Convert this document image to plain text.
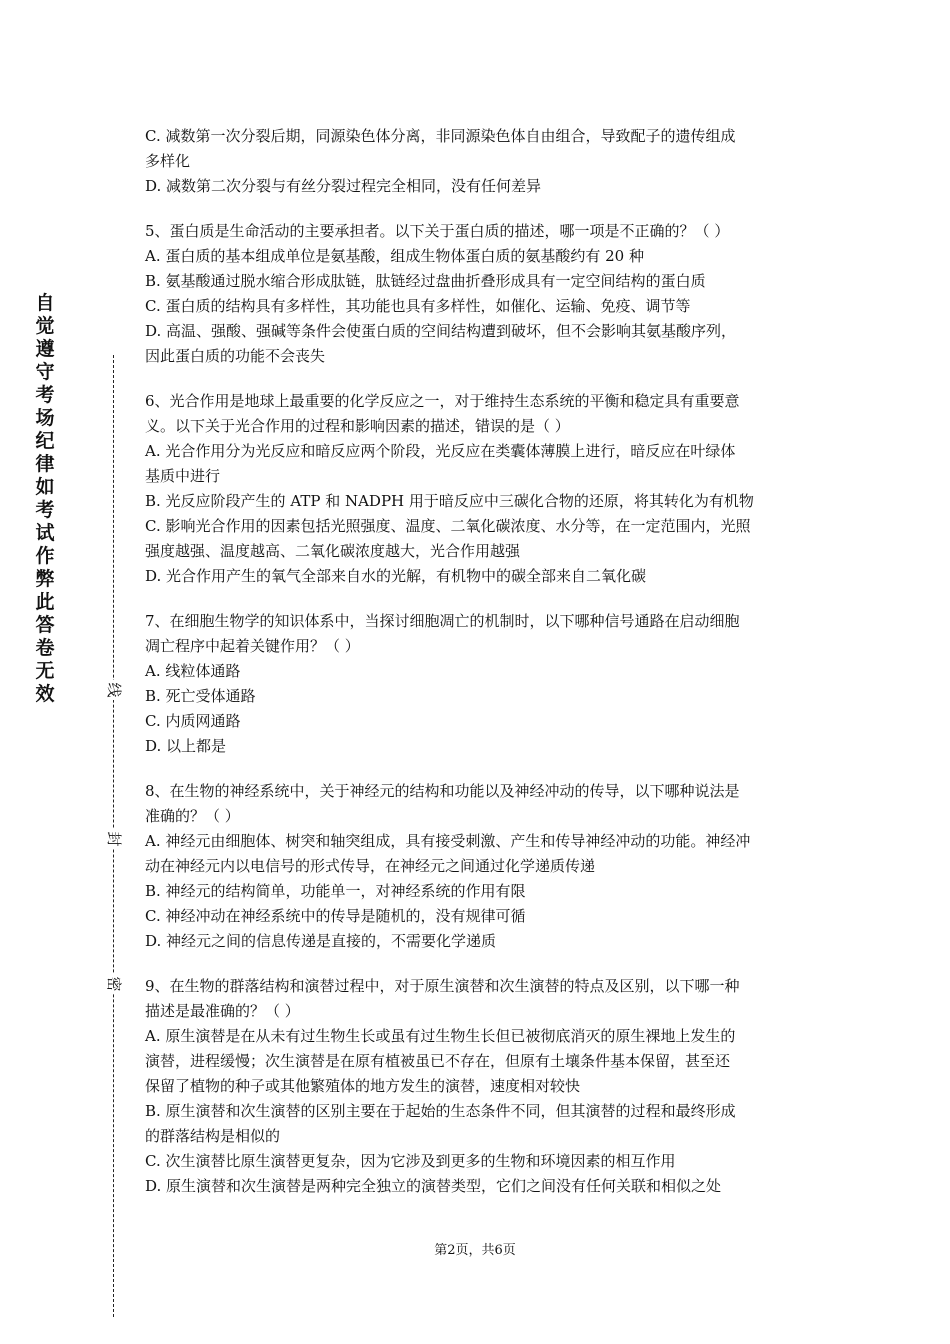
自
觉
遵
守
考
场
纪
律
如
考
试
作
弊
此
答
卷
无
效	线
封
密
C. 减数第一次分裂后期，同源染色体分离，非同源染色体自由组合，导致配子的遗传组成
多样化
D. 减数第二次分裂与有丝分裂过程完全相同，没有任何差异
5、蛋白质是生命活动的主要承担者。以下关于蛋白质的描述，哪一项是不正确的？（ ）
A. 蛋白质的基本组成单位是氨基酸，组成生物体蛋白质的氨基酸约有 20 种
B. 氨基酸通过脱水缩合形成肽链，肽链经过盘曲折叠形成具有一定空间结构的蛋白质
C. 蛋白质的结构具有多样性，其功能也具有多样性，如催化、运输、免疫、调节等
D. 高温、强酸、强碱等条件会使蛋白质的空间结构遭到破坏，但不会影响其氨基酸序列，
因此蛋白质的功能不会丧失
6、光合作用是地球上最重要的化学反应之一，对于维持生态系统的平衡和稳定具有重要意
义。以下关于光合作用的过程和影响因素的描述，错误的是（ ）
A. 光合作用分为光反应和暗反应两个阶段，光反应在类囊体薄膜上进行，暗反应在叶绿体
基质中进行
B. 光反应阶段产生的 ATP 和 NADPH 用于暗反应中三碳化合物的还原，将其转化为有机物
C. 影响光合作用的因素包括光照强度、温度、二氧化碳浓度、水分等，在一定范围内，光照
强度越强、温度越高、二氧化碳浓度越大，光合作用越强
D. 光合作用产生的氧气全部来自水的光解，有机物中的碳全部来自二氧化碳
7、在细胞生物学的知识体系中，当探讨细胞凋亡的机制时，以下哪种信号通路在启动细胞
凋亡程序中起着关键作用？（ ）
A. 线粒体通路
B. 死亡受体通路
C. 内质网通路
D. 以上都是
8、在生物的神经系统中，关于神经元的结构和功能以及神经冲动的传导，以下哪种说法是
准确的？（ ）
A. 神经元由细胞体、树突和轴突组成，具有接受刺激、产生和传导神经冲动的功能。神经冲
动在神经元内以电信号的形式传导，在神经元之间通过化学递质传递
B. 神经元的结构简单，功能单一，对神经系统的作用有限
C. 神经冲动在神经系统中的传导是随机的，没有规律可循
D. 神经元之间的信息传递是直接的，不需要化学递质
9、在生物的群落结构和演替过程中，对于原生演替和次生演替的特点及区别，以下哪一种
描述是最准确的？（ ）
A. 原生演替是在从未有过生物生长或虽有过生物生长但已被彻底消灭的原生裸地上发生的
演替，进程缓慢；次生演替是在原有植被虽已不存在，但原有土壤条件基本保留，甚至还
保留了植物的种子或其他繁殖体的地方发生的演替，速度相对较快
B. 原生演替和次生演替的区别主要在于起始的生态条件不同，但其演替的过程和最终形成
的群落结构是相似的
C. 次生演替比原生演替更复杂，因为它涉及到更多的生物和环境因素的相互作用
D. 原生演替和次生演替是两种完全独立的演替类型，它们之间没有任何关联和相似之处
第2页，共6页
